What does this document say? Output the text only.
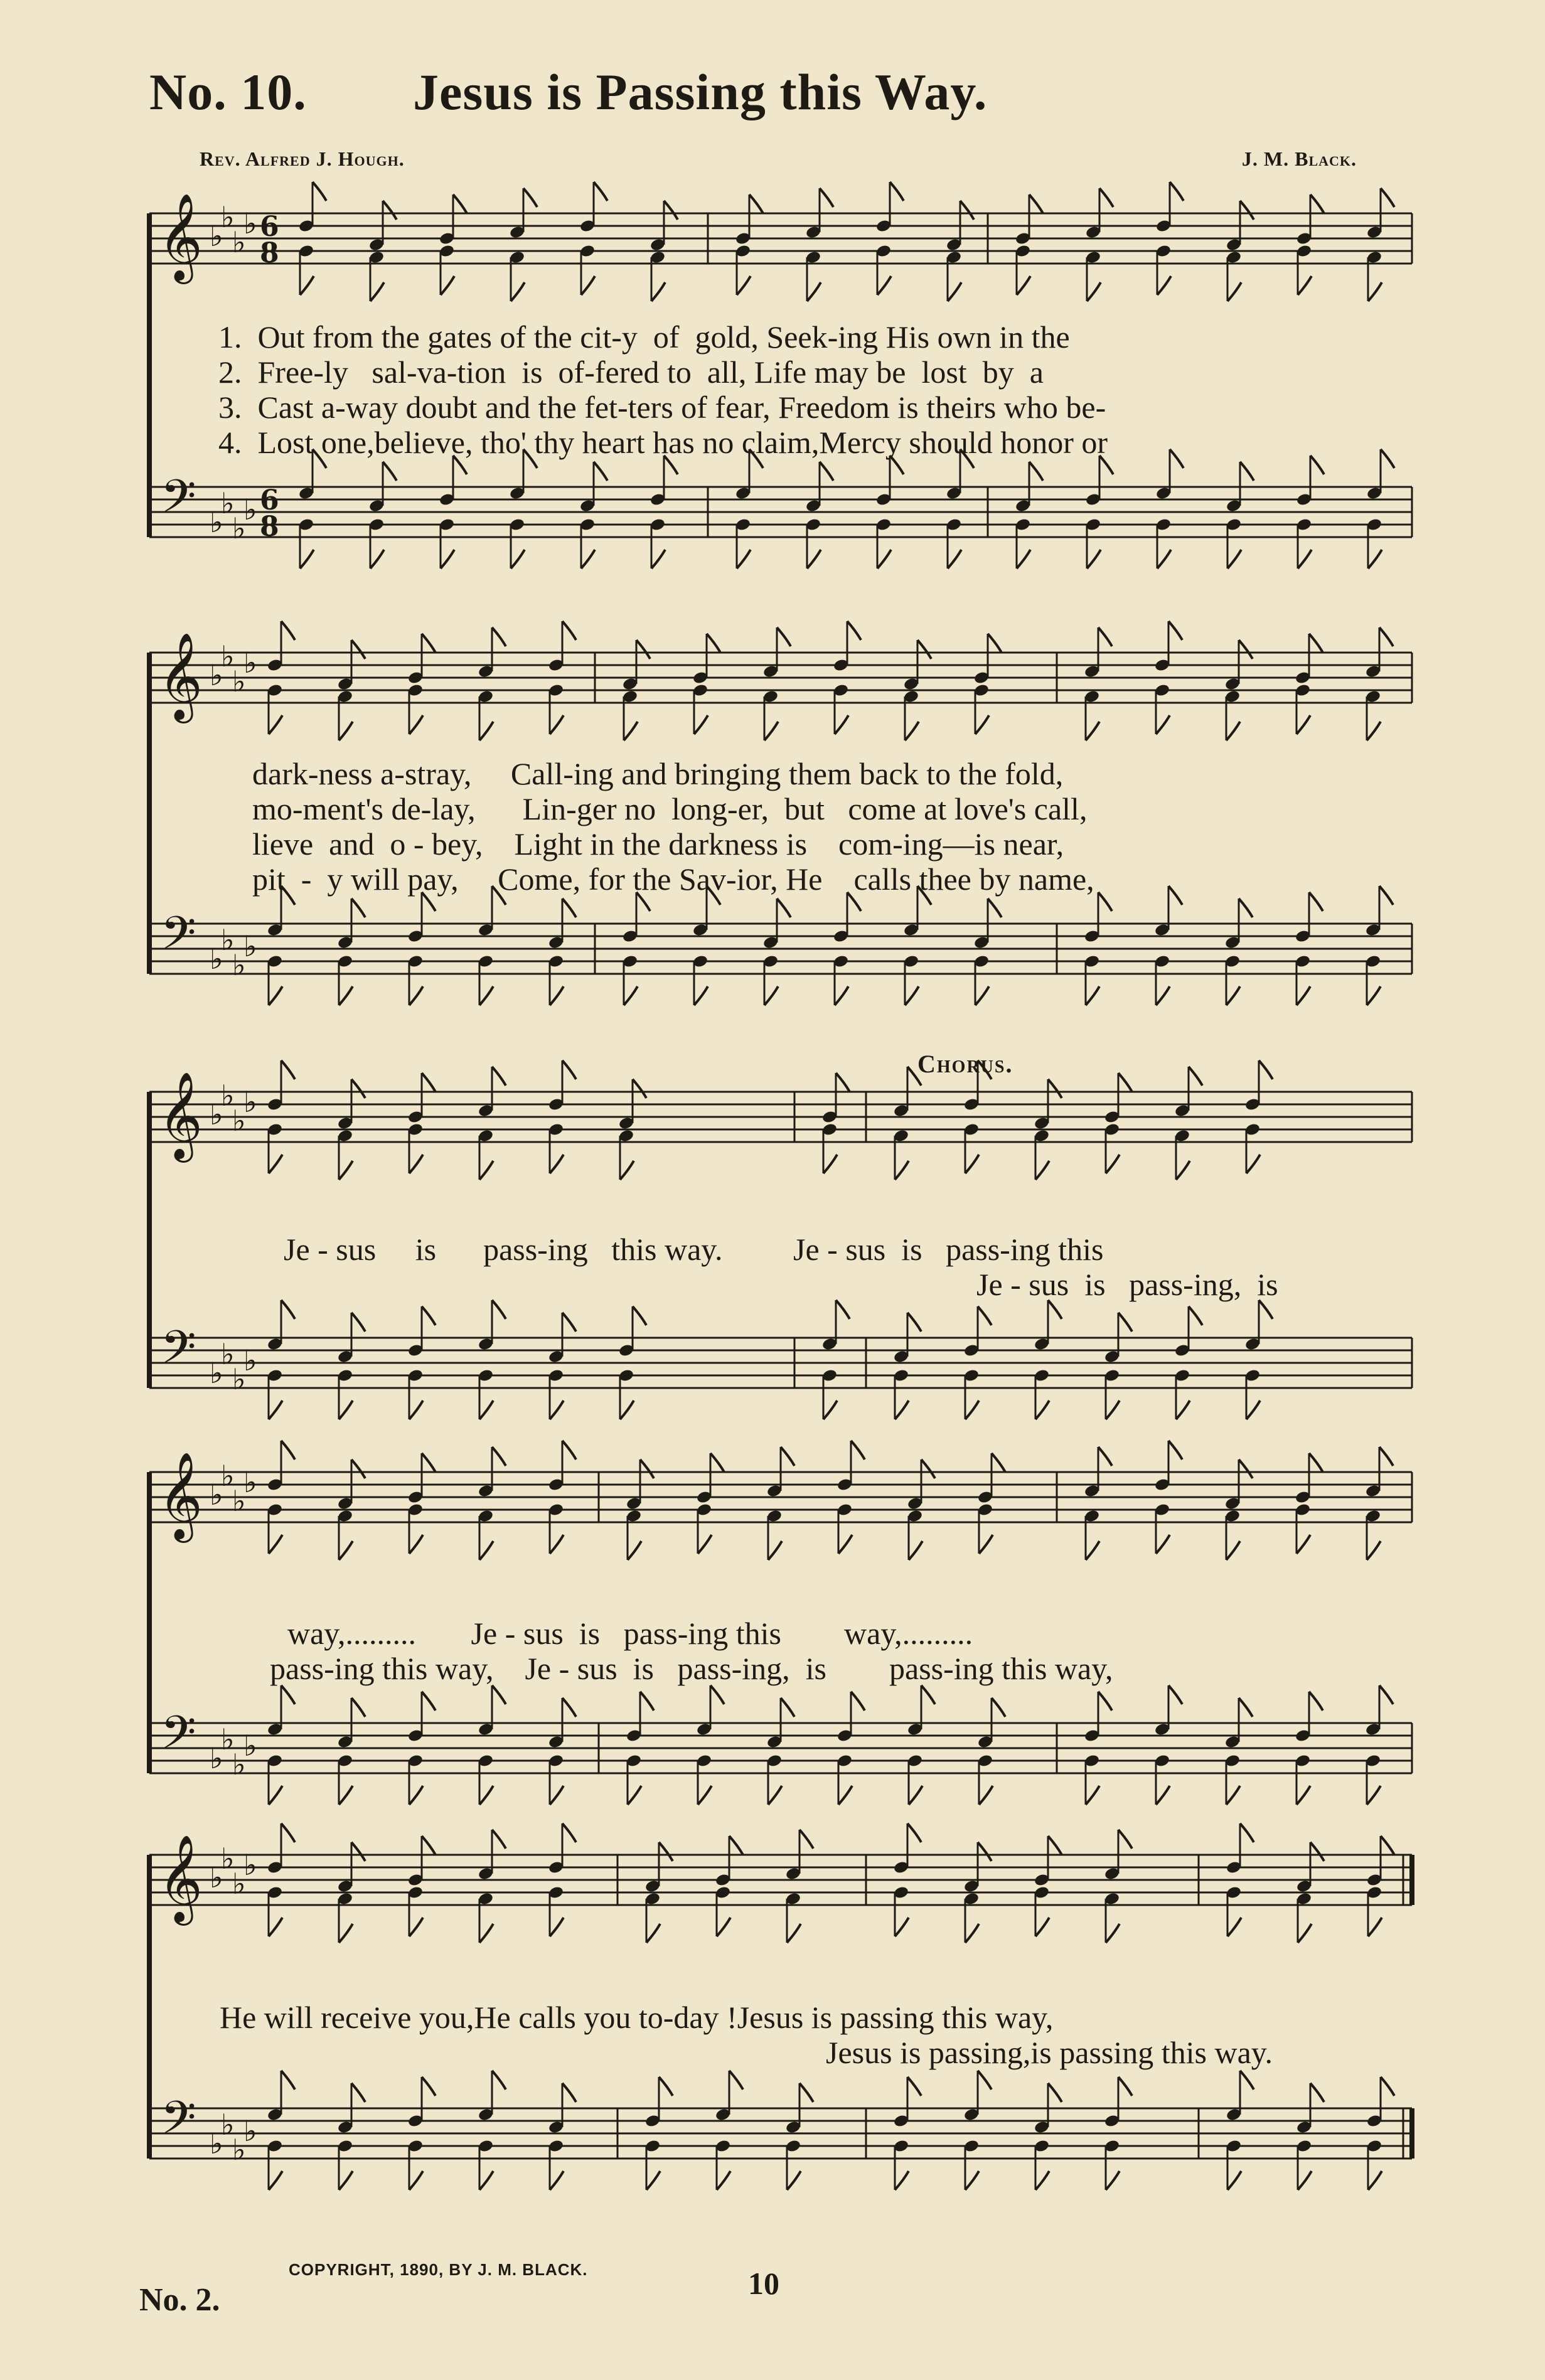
No. 10. Jesus is Passing this Way.
Rev. Alfred J. Hough.	J. M. Black.
𝄞
𝄢
♭
♭
♭
♭
♭
♭
♭
♭
6
8
6
8
𝄞
𝄢
♭
♭
♭
♭
♭
♭
♭
♭
𝄞
𝄢
♭
♭
♭
♭
♭
♭
♭
♭
𝄞
𝄢
♭
♭
♭
♭
♭
♭
♭
♭
𝄞
𝄢
♭
♭
♭
♭
♭
♭
♭
♭
1.  Out from the gates of the cit-y  of  gold, Seek-ing His own in the
2.  Free-ly   sal-va-tion  is  of-fered to  all, Life may be  lost  by  a
3.  Cast a-way doubt and the fet-ters of fear, Freedom is theirs who be-
4.  Lost one,believe, tho' thy heart has no claim,Mercy should honor or
dark-ness a-stray,     Call-ing and bringing them back to the fold,
mo-ment's de-lay,      Lin-ger no  long-er,  but   come at love's call,
lieve  and  o - bey,    Light in the darkness is    com-ing—is near,
pit  -  y will pay,     Come, for the Sav-ior, He    calls thee by name,
Chorus.
Je - sus     is      pass-ing   this way.         Je - sus  is   pass-ing this
Je - sus  is   pass-ing,  is
way,.........       Je - sus  is   pass-ing this        way,.........
pass-ing this way,    Je - sus  is   pass-ing,  is        pass-ing this way,
He will receive you,He calls you to-day !Jesus is passing this way,
Jesus is passing,is passing this way.
COPYRIGHT, 1890, BY J. M. BLACK.	10
No. 2.
